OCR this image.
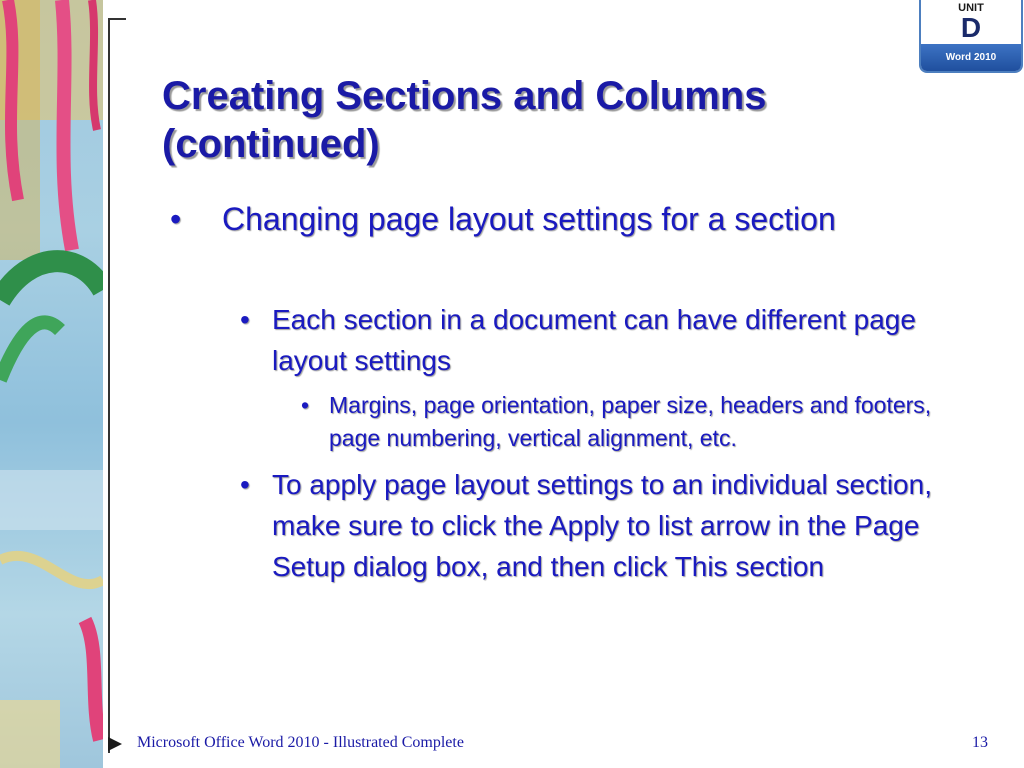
UNIT
D
Word 2010
Creating Sections and Columns (continued)

• Changing page layout settings for a section

• Each section in a document can have different page layout settings

• Margins, page orientation, paper size, headers and footers, page numbering, vertical alignment, etc.

• To apply page layout settings to an individual section, make sure to click the Apply to list arrow in the Page Setup dialog box, and then click This section

Microsoft Office Word 2010 - Illustrated Complete	13
